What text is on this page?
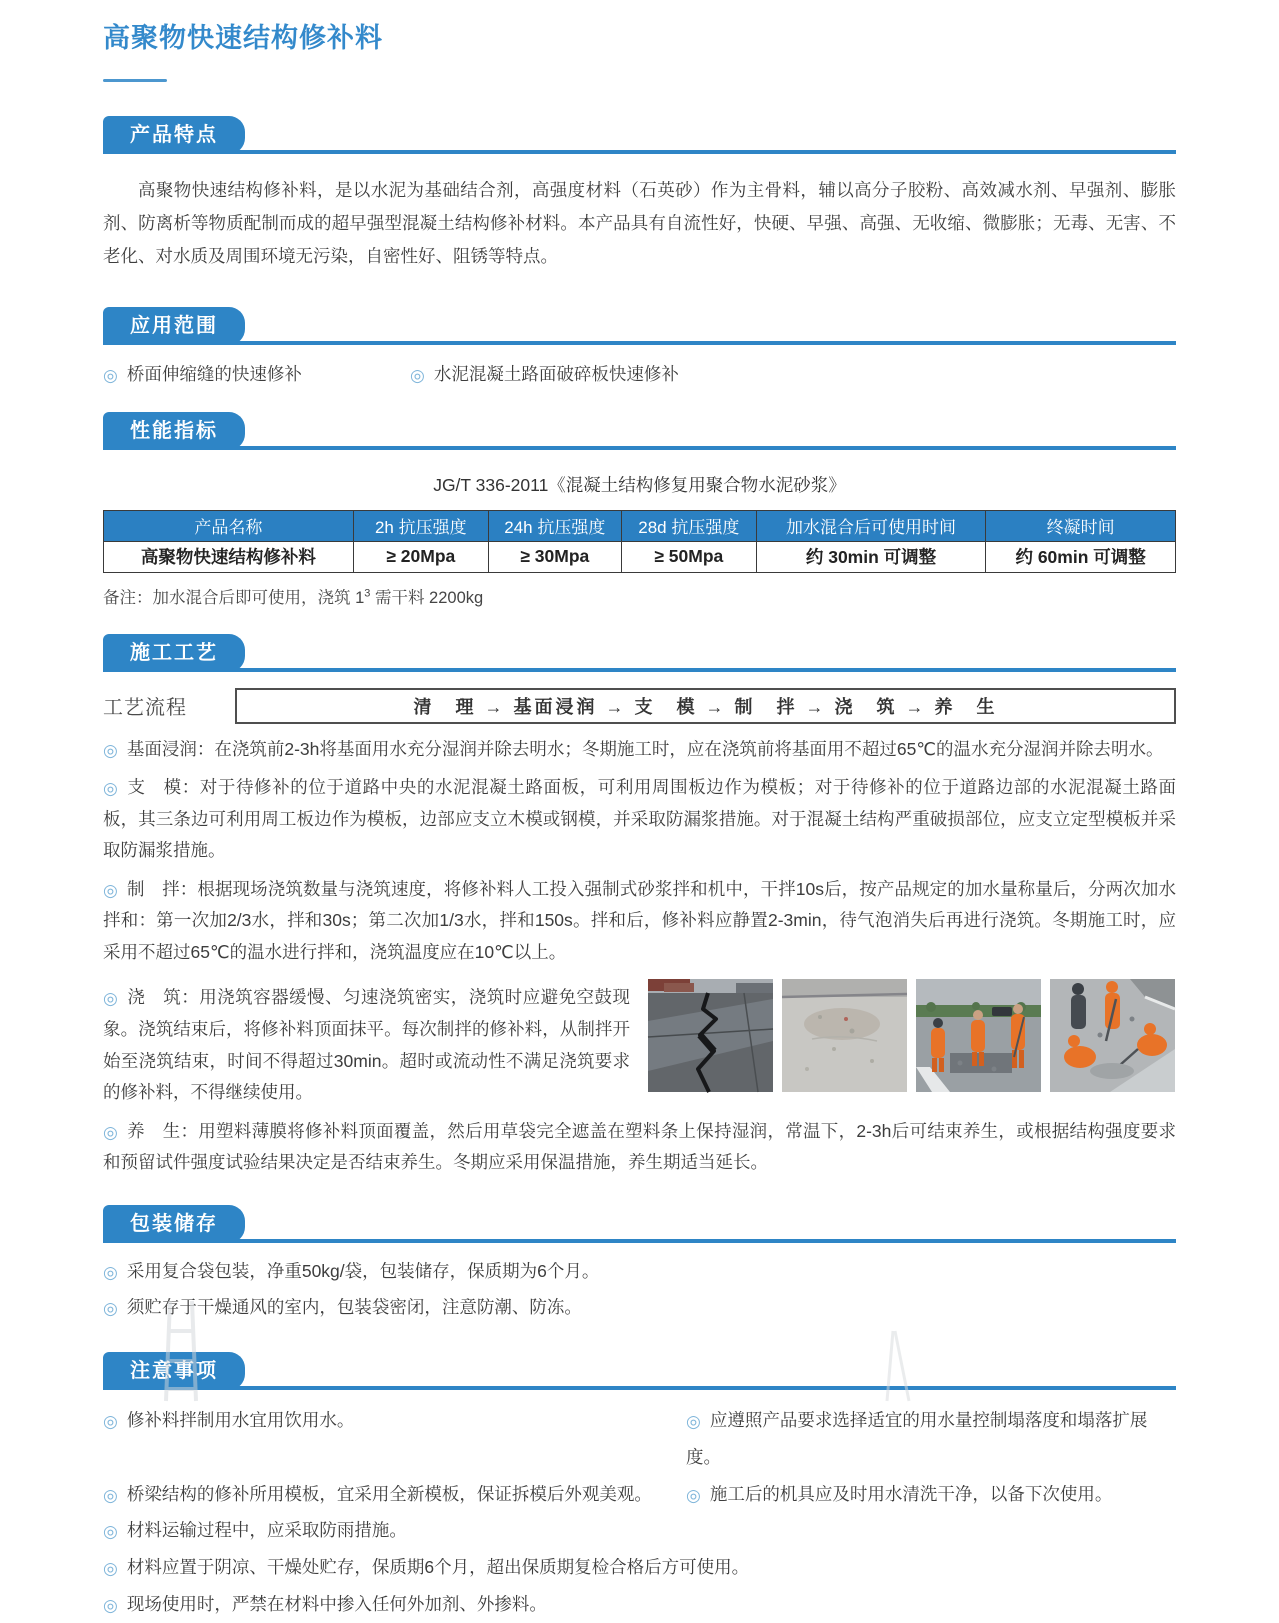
高聚物快速结构修补料
产品特点

高聚物快速结构修补料，是以水泥为基础结合剂，高强度材料（石英砂）作为主骨料，辅以高分子胶粉、高效减水剂、早强剂、膨胀剂、防离析等物质配制而成的超早强型混凝土结构修补材料。本产品具有自流性好，快硬、早强、高强、无收缩、微膨胀；无毒、无害、不老化、对水质及周围环境无污染，自密性好、阻锈等特点。

应用范围
◎ 桥面伸缩缝的快速修补	◎ 水泥混凝土路面破碎板快速修补
性能指标
JG/T 336-2011《混凝土结构修复用聚合物水泥砂浆》
产品名称	2h 抗压强度	24h 抗压强度	28d 抗压强度	加水混合后可使用时间	终凝时间
高聚物快速结构修补料	≥ 20Mpa	≥ 30Mpa	≥ 50Mpa	约 30min 可调整	约 60min 可调整
备注：加水混合后即可使用，浇筑 $1^3$ 需干料 2200kg
施工工艺
工艺流程	清　理 → 基面浸润 → 支　模 → 制　拌 → 浇　筑 → 养　生

◎ 基面浸润：在浇筑前2-3h将基面用水充分湿润并除去明水；冬期施工时，应在浇筑前将基面用不超过65℃的温水充分湿润并除去明水。

◎ 支　模：对于待修补的位于道路中央的水泥混凝土路面板，可利用周围板边作为模板；对于待修补的位于道路边部的水泥混凝土路面板，其三条边可利用周工板边作为模板，边部应支立木模或钢模，并采取防漏浆措施。对于混凝土结构严重破损部位，应支立定型模板并采取防漏浆措施。

◎ 制　拌：根据现场浇筑数量与浇筑速度，将修补料人工投入强制式砂浆拌和机中，干拌10s后，按产品规定的加水量称量后，分两次加水拌和：第一次加2/3水，拌和30s；第二次加1/3水，拌和150s。拌和后，修补料应静置2-3min，待气泡消失后再进行浇筑。冬期施工时，应采用不超过65℃的温水进行拌和，浇筑温度应在10℃以上。

◎ 浇　筑：用浇筑容器缓慢、匀速浇筑密实，浇筑时应避免空鼓现象。浇筑结束后，将修补料顶面抹平。每次制拌的修补料，从制拌开始至浇筑结束，时间不得超过30min。超时或流动性不满足浇筑要求的修补料，不得继续使用。

◎ 养　生：用塑料薄膜将修补料顶面覆盖，然后用草袋完全遮盖在塑料条上保持湿润，常温下，2-3h后可结束养生，或根据结构强度要求和预留试件强度试验结果决定是否结束养生。冬期应采用保温措施，养生期适当延长。

包装储存
◎ 采用复合袋包装，净重50kg/袋，包装储存，保质期为6个月。
◎ 须贮存于干燥通风的室内，包装袋密闭，注意防潮、防冻。
注意事项
◎ 修补料拌制用水宜用饮用水。	◎ 应遵照产品要求选择适宜的用水量控制塌落度和塌落扩展度。
◎ 桥梁结构的修补所用模板，宜采用全新模板，保证拆模后外观美观。	◎ 施工后的机具应及时用水清洗干净，以备下次使用。
◎ 材料运输过程中，应采取防雨措施。
◎ 材料应置于阴凉、干燥处贮存，保质期6个月，超出保质期复检合格后方可使用。
◎ 现场使用时，严禁在材料中掺入任何外加剂、外掺料。
